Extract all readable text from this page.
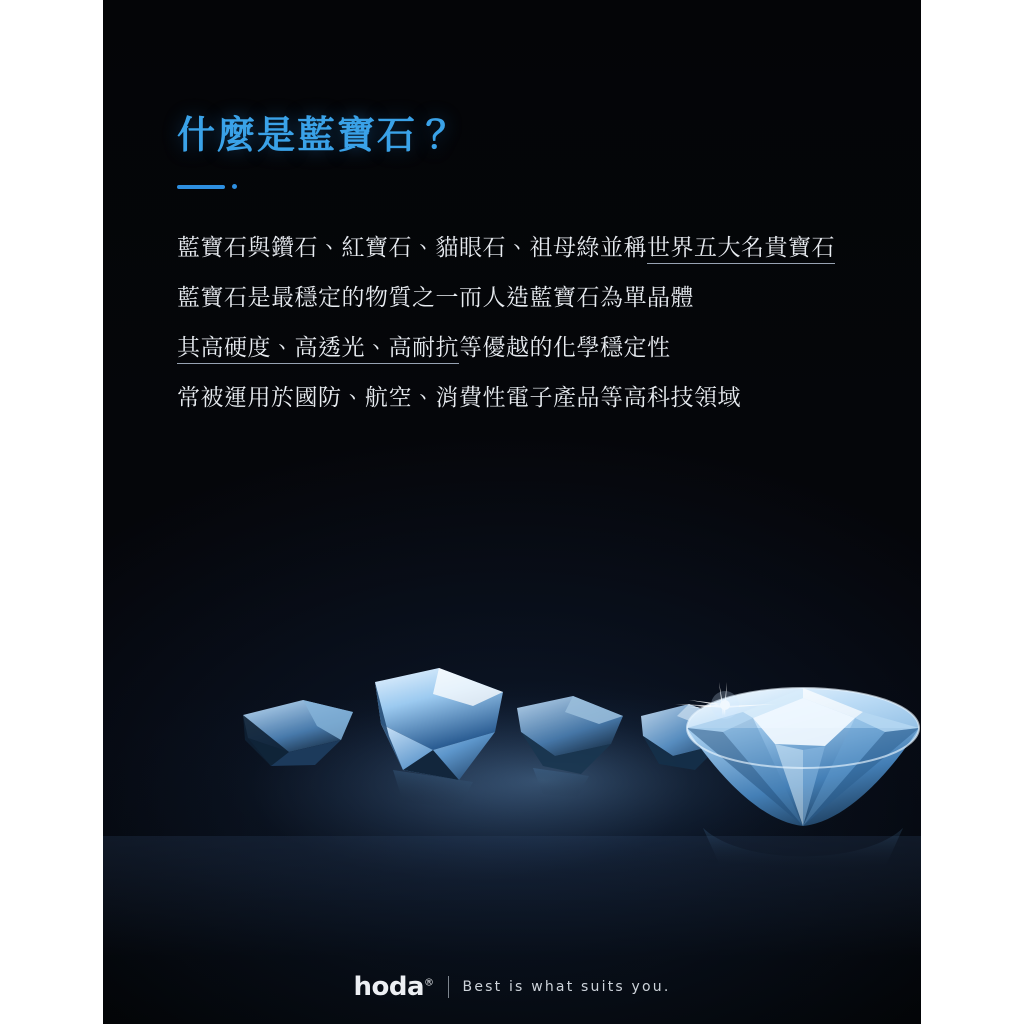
什麼是藍寶石？
藍寶石與鑽石、紅寶石、貓眼石、祖母綠並稱世界五大名貴寶石
藍寶石是最穩定的物質之一而人造藍寶石為單晶體
其高硬度、高透光、高耐抗等優越的化學穩定性
常被運用於國防、航空、消費性電子產品等高科技領域
hoda® Best is what suits you.
